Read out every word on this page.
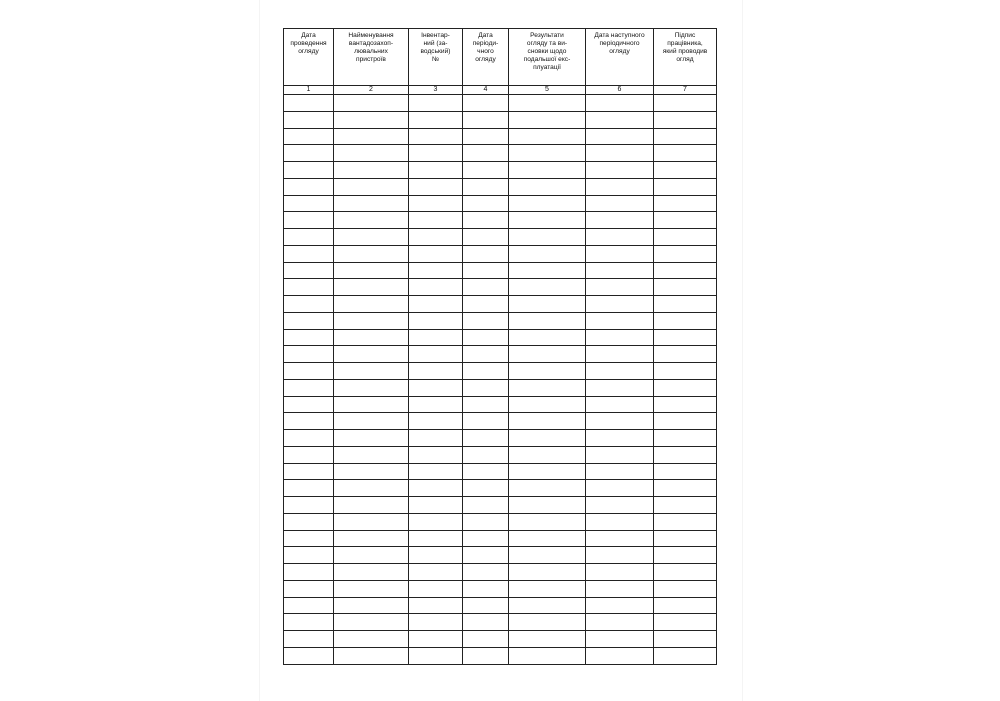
Дата
проведення
огляду	Найменування
вантадозахоп-
лювальних
пристроїв	Інвентар-
ний (за-
водський)
№	Дата
періоди-
чного
огляду	Результати
огляду та ви-
сновки щодо
подальшої екс-
плуатації	Дата наступного
періодичного
огляду	Підпис
працівника,
який проводив
огляд
1	2	3	4	5	6	7
